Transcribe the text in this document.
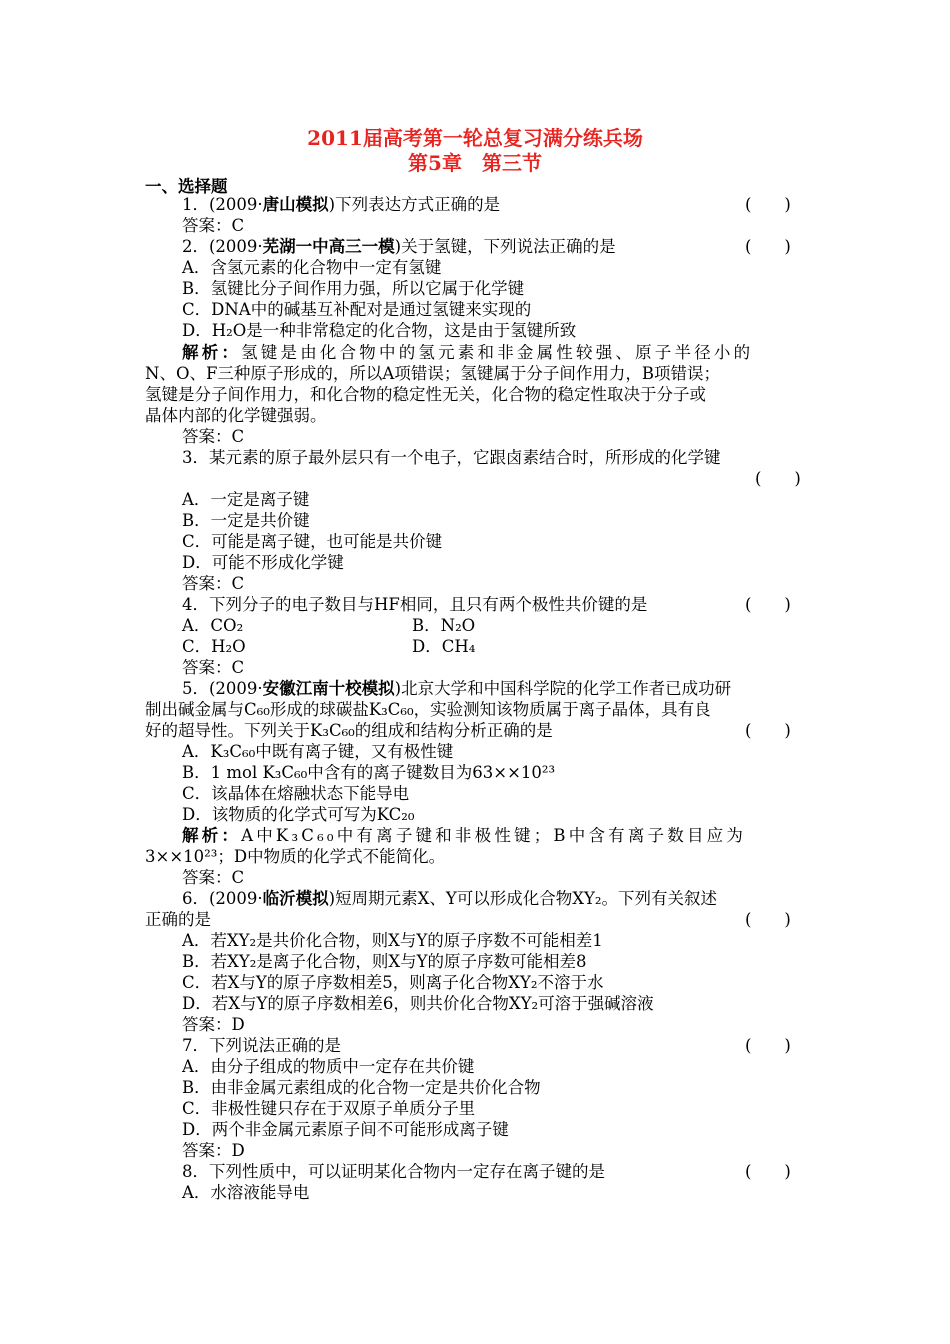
2011届高考第一轮总复习满分练兵场
第5章　第三节
一、选择题
1．(2009·唐山模拟)下列表达方式正确的是	(　　)
答案：C
2．(2009·芜湖一中高三一模)关于氢键，下列说法正确的是	(　　)
A．含氢元素的化合物中一定有氢键
B．氢键比分子间作用力强，所以它属于化学键
C．DNA中的碱基互补配对是通过氢键来实现的
D．H₂O是一种非常稳定的化合物，这是由于氢键所致
解析：氢键是由化合物中的氢元素和非金属性较强、原子半径小的
N、O、F三种原子形成的，所以A项错误；氢键属于分子间作用力，B项错误；
氢键是分子间作用力，和化合物的稳定性无关，化合物的稳定性取决于分子或
晶体内部的化学键强弱。
答案：C
3．某元素的原子最外层只有一个电子，它跟卤素结合时，所形成的化学键
(　　)
A．一定是离子键
B．一定是共价键
C．可能是离子键，也可能是共价键
D．可能不形成化学键
答案：C
4．下列分子的电子数目与HF相同，且只有两个极性共价键的是	(　　)
A．CO₂	B．N₂O
C．H₂O	D．CH₄
答案：C
5．(2009·安徽江南十校模拟)北京大学和中国科学院的化学工作者已成功研
制出碱金属与C₆₀形成的球碳盐K₃C₆₀，实验测知该物质属于离子晶体，具有良
好的超导性。下列关于K₃C₆₀的组成和结构分析正确的是	(　　)
A．K₃C₆₀中既有离子键，又有极性键
B．1 mol K₃C₆₀中含有的离子键数目为63××10²³
C．该晶体在熔融状态下能导电
D．该物质的化学式可写为KC₂₀
解析：A中K₃C₆₀中有离子键和非极性键；B中含有离子数目应为
3××10²³；D中物质的化学式不能简化。
答案：C
6．(2009·临沂模拟)短周期元素X、Y可以形成化合物XY₂。下列有关叙述
正确的是	(　　)
A．若XY₂是共价化合物，则X与Y的原子序数不可能相差1
B．若XY₂是离子化合物，则X与Y的原子序数可能相差8
C．若X与Y的原子序数相差5，则离子化合物XY₂不溶于水
D．若X与Y的原子序数相差6，则共价化合物XY₂可溶于强碱溶液
答案：D
7．下列说法正确的是	(　　)
A．由分子组成的物质中一定存在共价键
B．由非金属元素组成的化合物一定是共价化合物
C．非极性键只存在于双原子单质分子里
D．两个非金属元素原子间不可能形成离子键
答案：D
8．下列性质中，可以证明某化合物内一定存在离子键的是	(　　)
A．水溶液能导电
